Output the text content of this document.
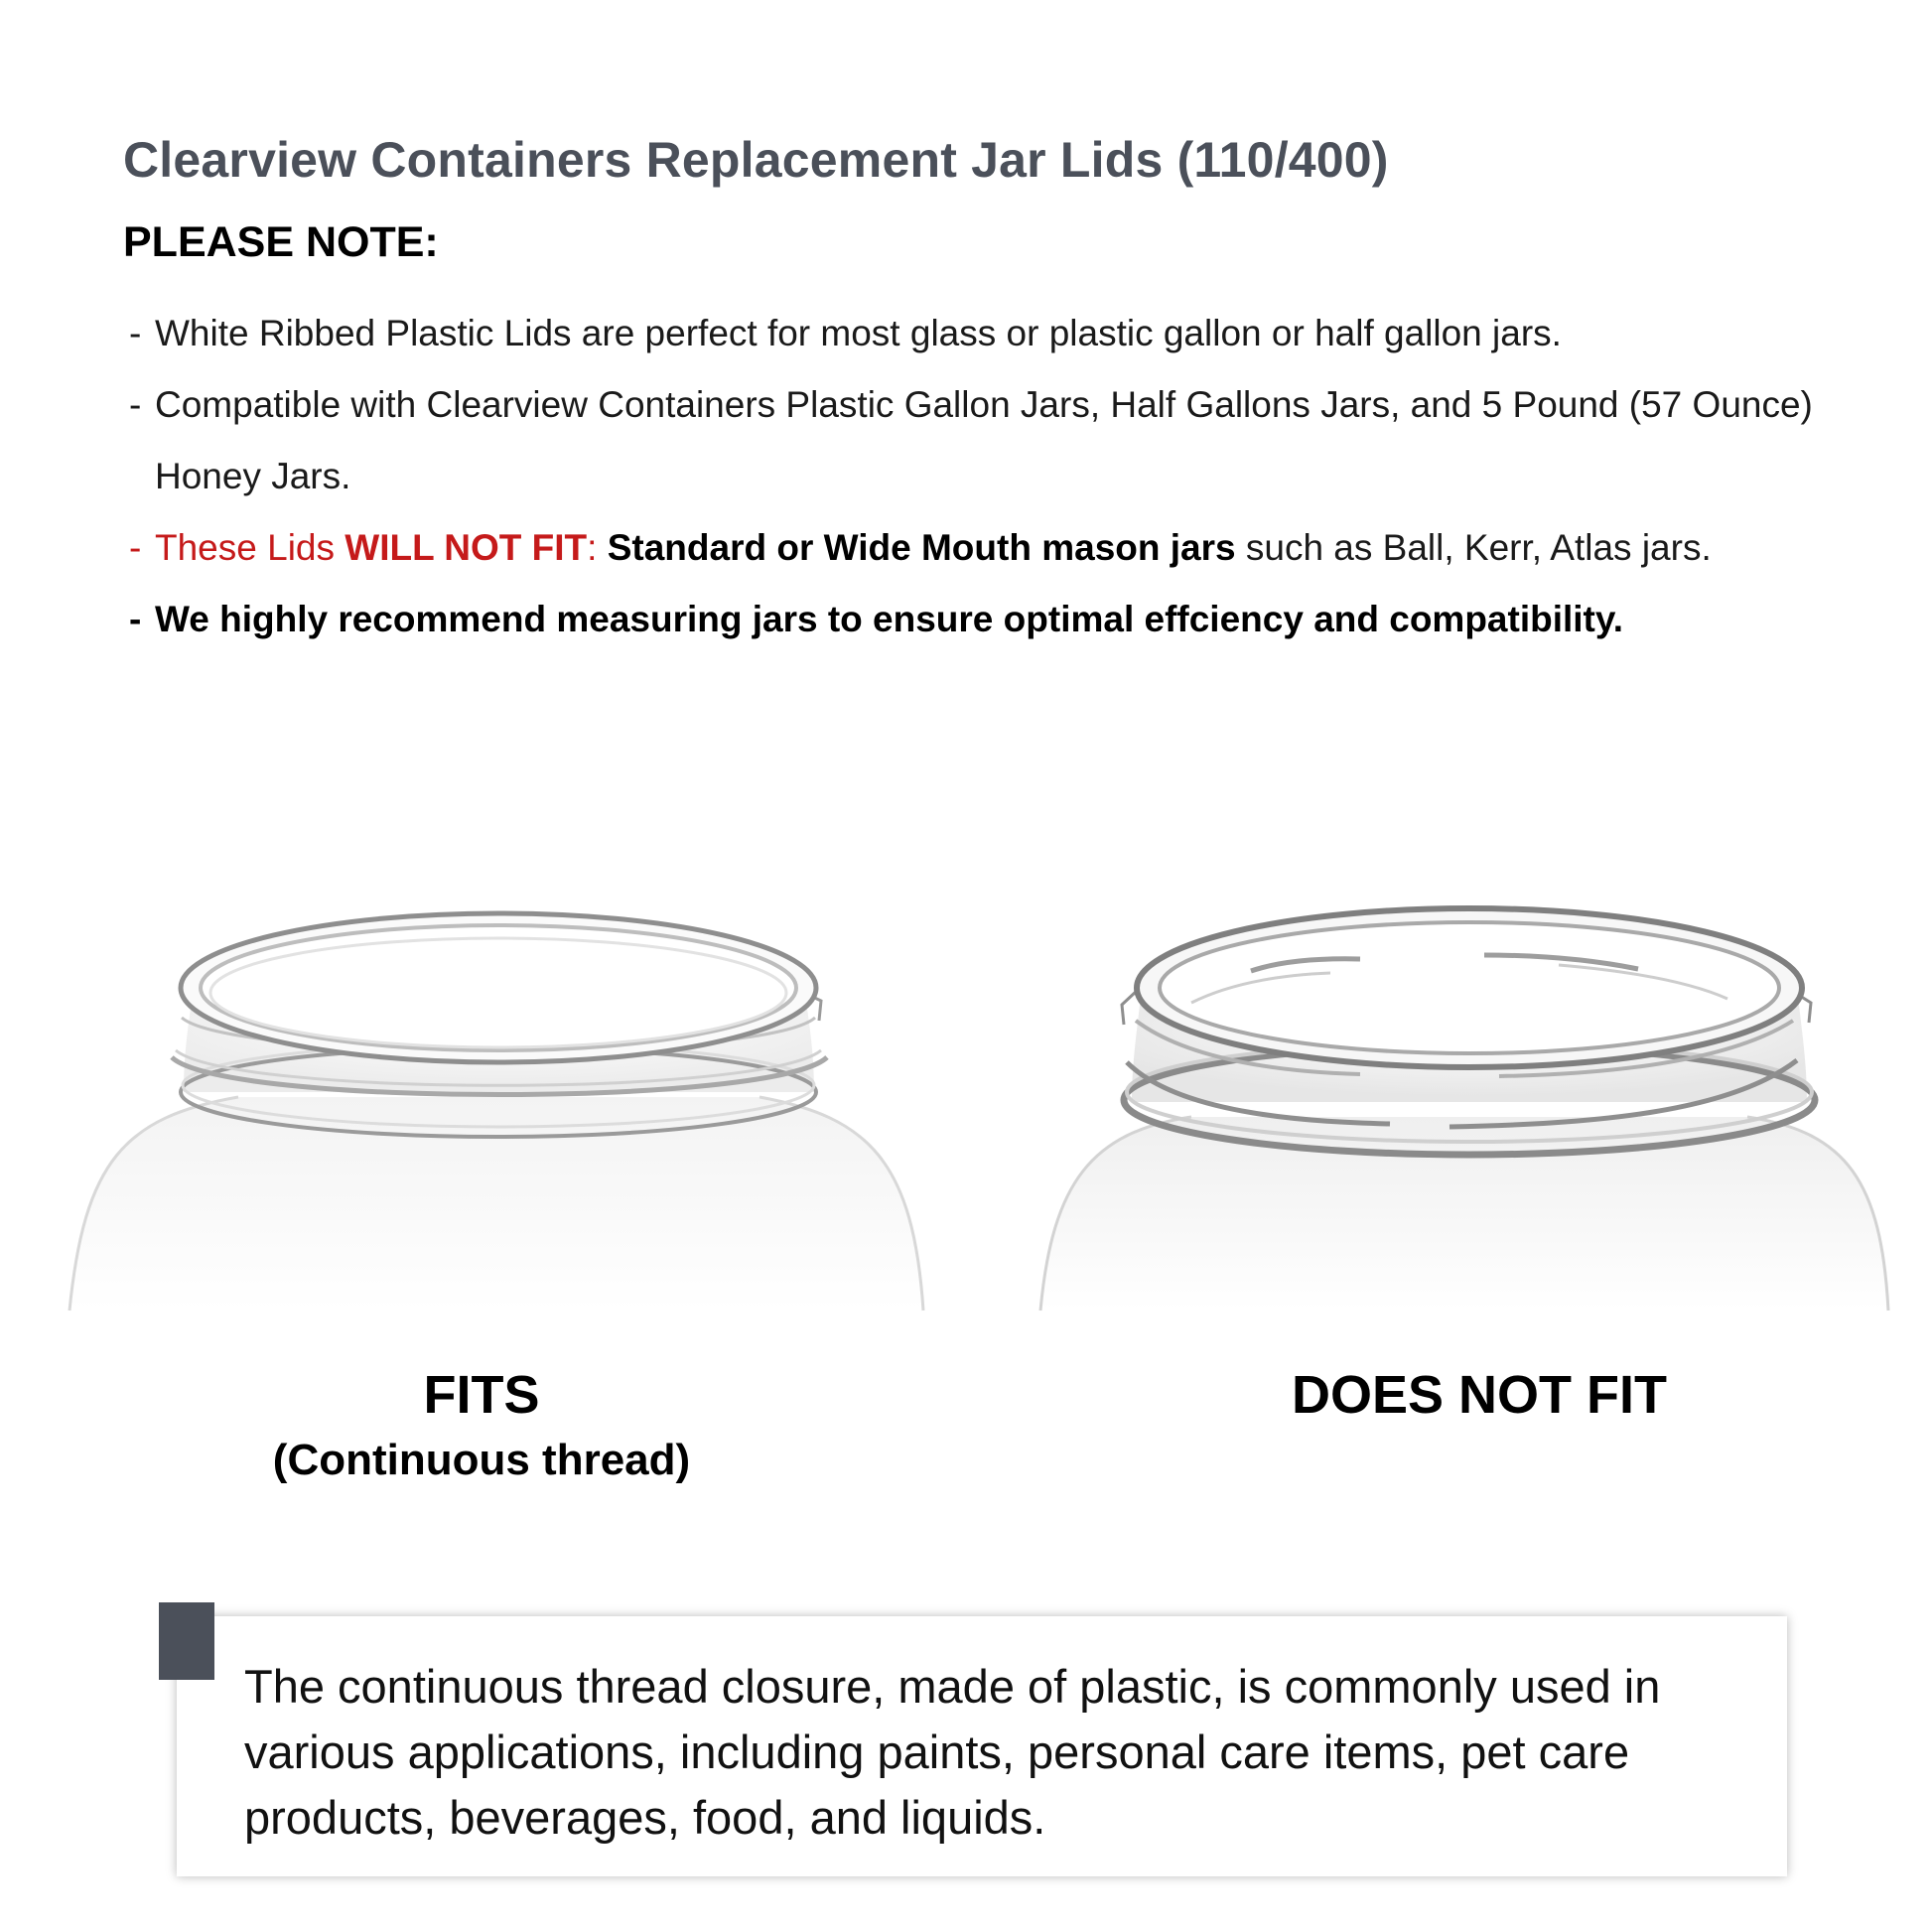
Clearview Containers Replacement Jar Lids (110/400)
PLEASE NOTE:
- White Ribbed Plastic Lids are perfect for most glass or plastic gallon or half gallon jars.
- Compatible with Clearview Containers Plastic Gallon Jars, Half Gallons Jars, and 5 Pound (57 Ounce) Honey Jars.
- These Lids WILL NOT FIT: Standard or Wide Mouth mason jars such as Ball, Kerr, Atlas jars.
- We highly recommend measuring jars to ensure optimal effciency and compatibility.
FITS
(Continuous thread)
DOES NOT FIT
The continuous thread closure, made of plastic, is commonly used in various applications, including paints, personal care items, pet care products, beverages, food, and liquids.
